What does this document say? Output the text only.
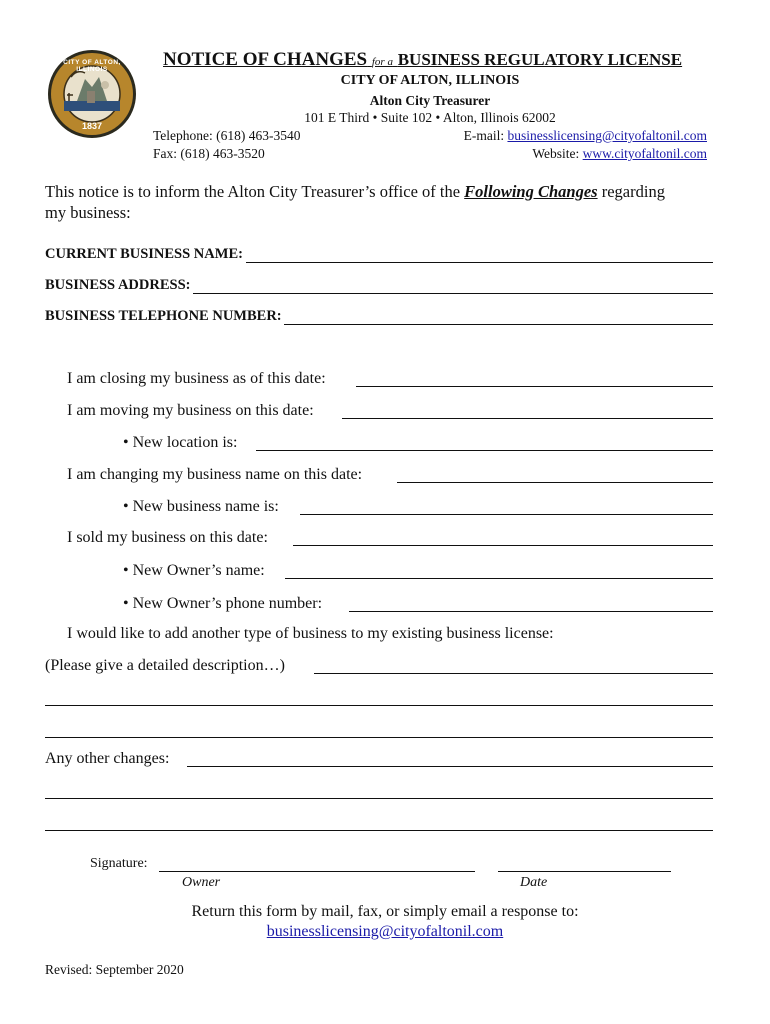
CITY OF ALTON, ILLINOIS
1837
NOTICE OF CHANGES for a BUSINESS REGULATORY LICENSE
CITY OF ALTON, ILLINOIS
Alton City Treasurer
101 E Third • Suite 102 • Alton, Illinois 62002
Telephone: (618) 463-3540
Fax: (618) 463-3520
E-mail: businesslicensing@cityofaltonil.com
Website: www.cityofaltonil.com
This notice is to inform the Alton City Treasurer’s office of the Following Changes regarding
my business:
CURRENT BUSINESS NAME:
BUSINESS ADDRESS:
BUSINESS TELEPHONE NUMBER:
I am closing my business as of this date:
I am moving my business on this date:
• New location is:
I am changing my business name on this date:
• New business name is:
I sold my business on this date:
• New Owner’s name:
• New Owner’s phone number:
I would like to add another type of business to my existing business license:
(Please give a detailed description…)
Any other changes:
Signature:
Owner	Date
Return this form by mail, fax, or simply email a response to:
businesslicensing@cityofaltonil.com
Revised: September 2020
